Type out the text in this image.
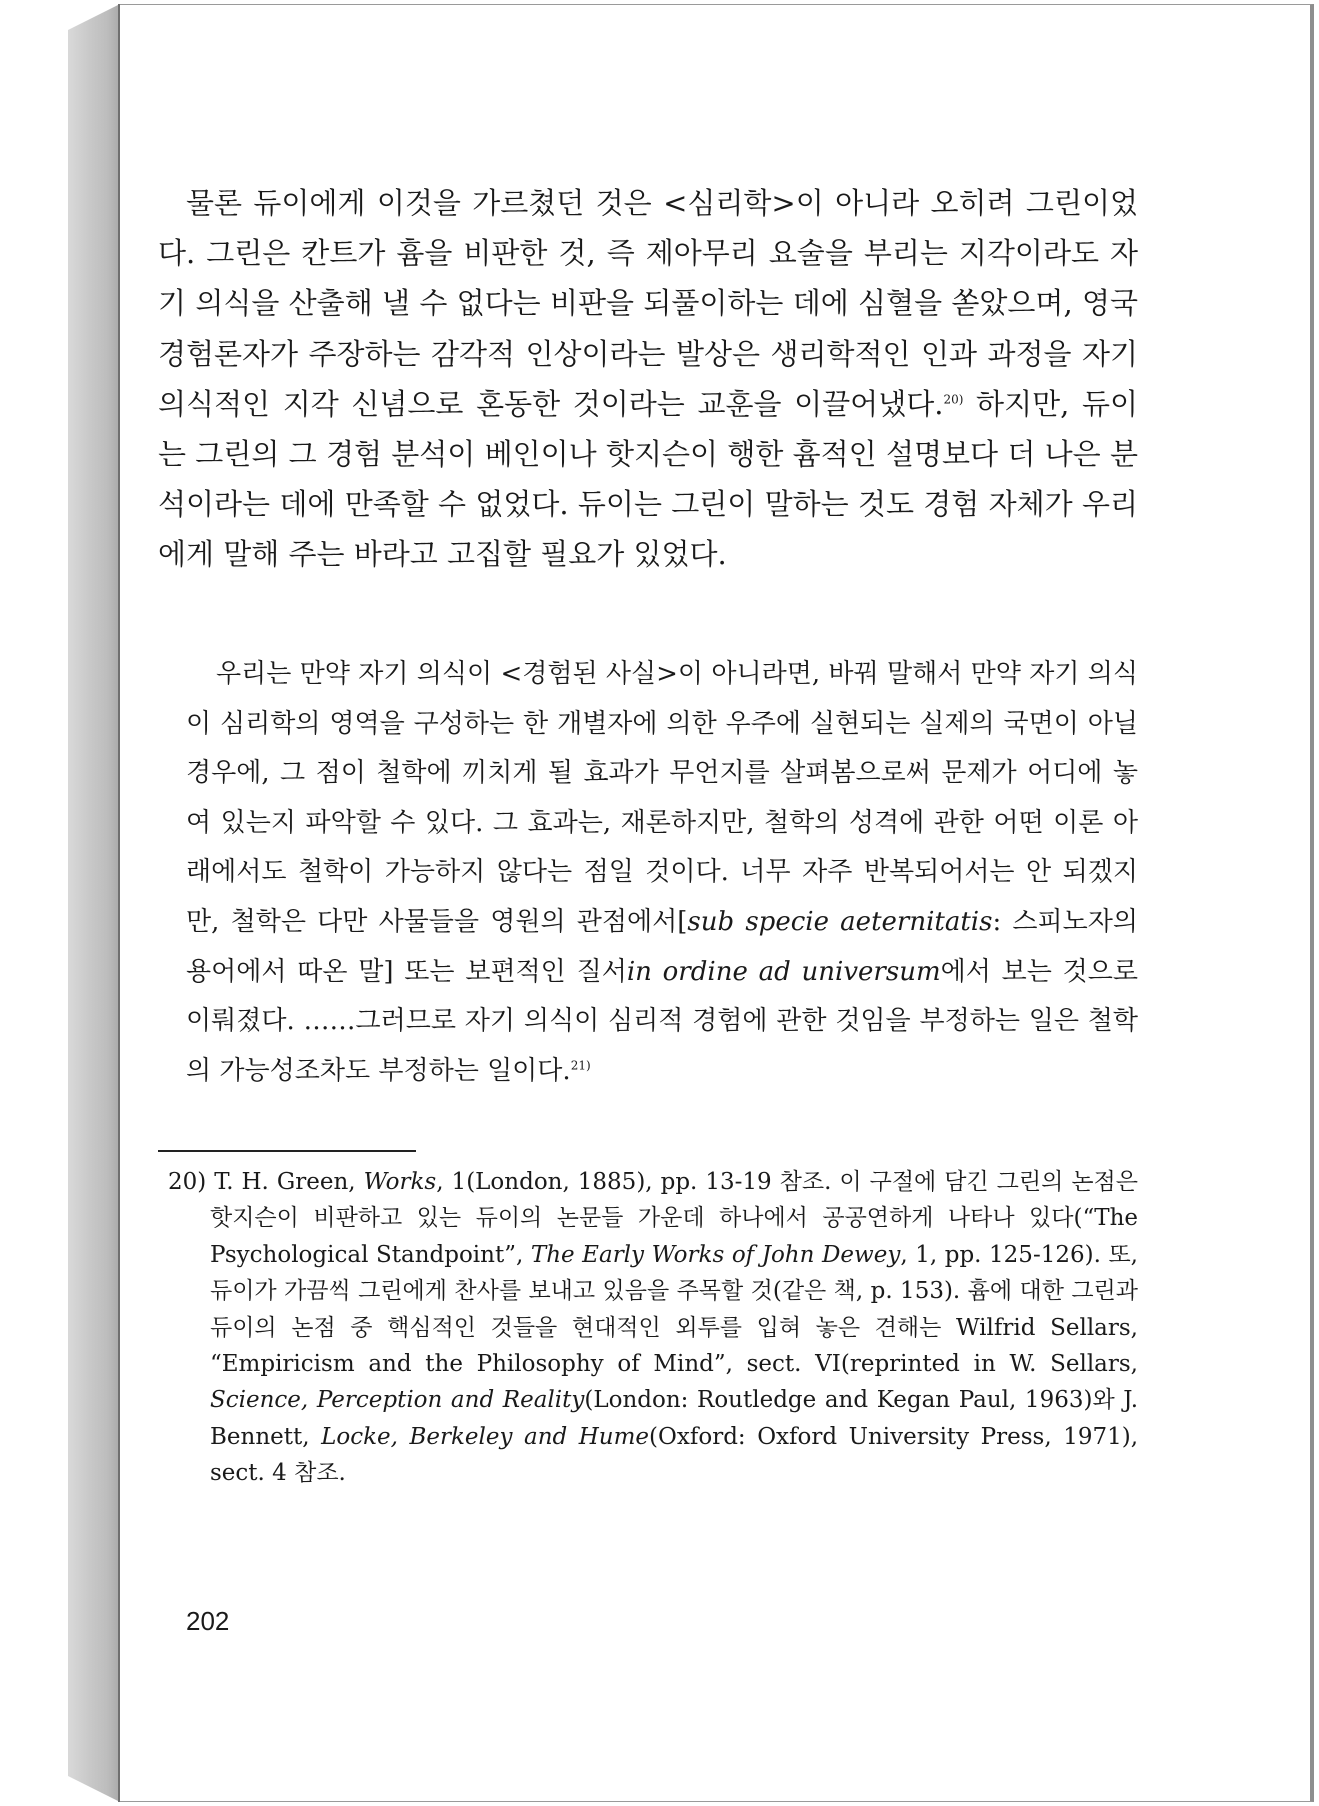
물론 듀이에게 이것을 가르쳤던 것은 <심리학>이 아니라 오히려 그린이었다. 그린은 칸트가 흄을 비판한 것, 즉 제아무리 요술을 부리는 지각이라도 자기 의식을 산출해 낼 수 없다는 비판을 되풀이하는 데에 심혈을 쏟았으며, 영국 경험론자가 주장하는 감각적 인상이라는 발상은 생리학적인 인과 과정을 자기 의식적인 지각 신념으로 혼동한 것이라는 교훈을 이끌어냈다.$^{20)}$ 하지만, 듀이는 그린의 그 경험 분석이 베인이나 핫지슨이 행한 흄적인 설명보다 더 나은 분석이라는 데에 만족할 수 없었다. 듀이는 그린이 말하는 것도 경험 자체가 우리에게 말해 주는 바라고 고집할 필요가 있었다.

우리는 만약 자기 의식이 <경험된 사실>이 아니라면, 바꿔 말해서 만약 자기 의식이 심리학의 영역을 구성하는 한 개별자에 의한 우주에 실현되는 실제의 국면이 아닐 경우에, 그 점이 철학에 끼치게 될 효과가 무언지를 살펴봄으로써 문제가 어디에 놓여 있는지 파악할 수 있다. 그 효과는, 재론하지만, 철학의 성격에 관한 어떤 이론 아래에서도 철학이 가능하지 않다는 점일 것이다. 너무 자주 반복되어서는 안 되겠지만, 철학은 다만 사물들을 영원의 관점에서[sub specie aeternitatis: 스피노자의 용어에서 따온 말] 또는 보편적인 질서in ordine ad universum에서 보는 것으로 이뤄졌다. ……그러므로 자기 의식이 심리적 경험에 관한 것임을 부정하는 일은 철학의 가능성조차도 부정하는 일이다.$^{21)}$

20) T. H. Green, Works, 1(London, 1885), pp. 13-19 참조. 이 구절에 담긴 그린의 논점은 핫지슨이 비판하고 있는 듀이의 논문들 가운데 하나에서 공공연하게 나타나 있다(“The Psychological Standpoint”, The Early Works of John Dewey, 1, pp. 125-126). 또, 듀이가 가끔씩 그린에게 찬사를 보내고 있음을 주목할 것(같은 책, p. 153). 흄에 대한 그린과 듀이의 논점 중 핵심적인 것들을 현대적인 외투를 입혀 놓은 견해는 Wilfrid Sellars, “Empiricism and the Philosophy of Mind”, sect. VI(reprinted in W. Sellars, Science, Perception and Reality(London: Routledge and Kegan Paul, 1963)와 J. Bennett, Locke, Berkeley and Hume(Oxford: Oxford University Press, 1971), sect. 4 참조.

202
